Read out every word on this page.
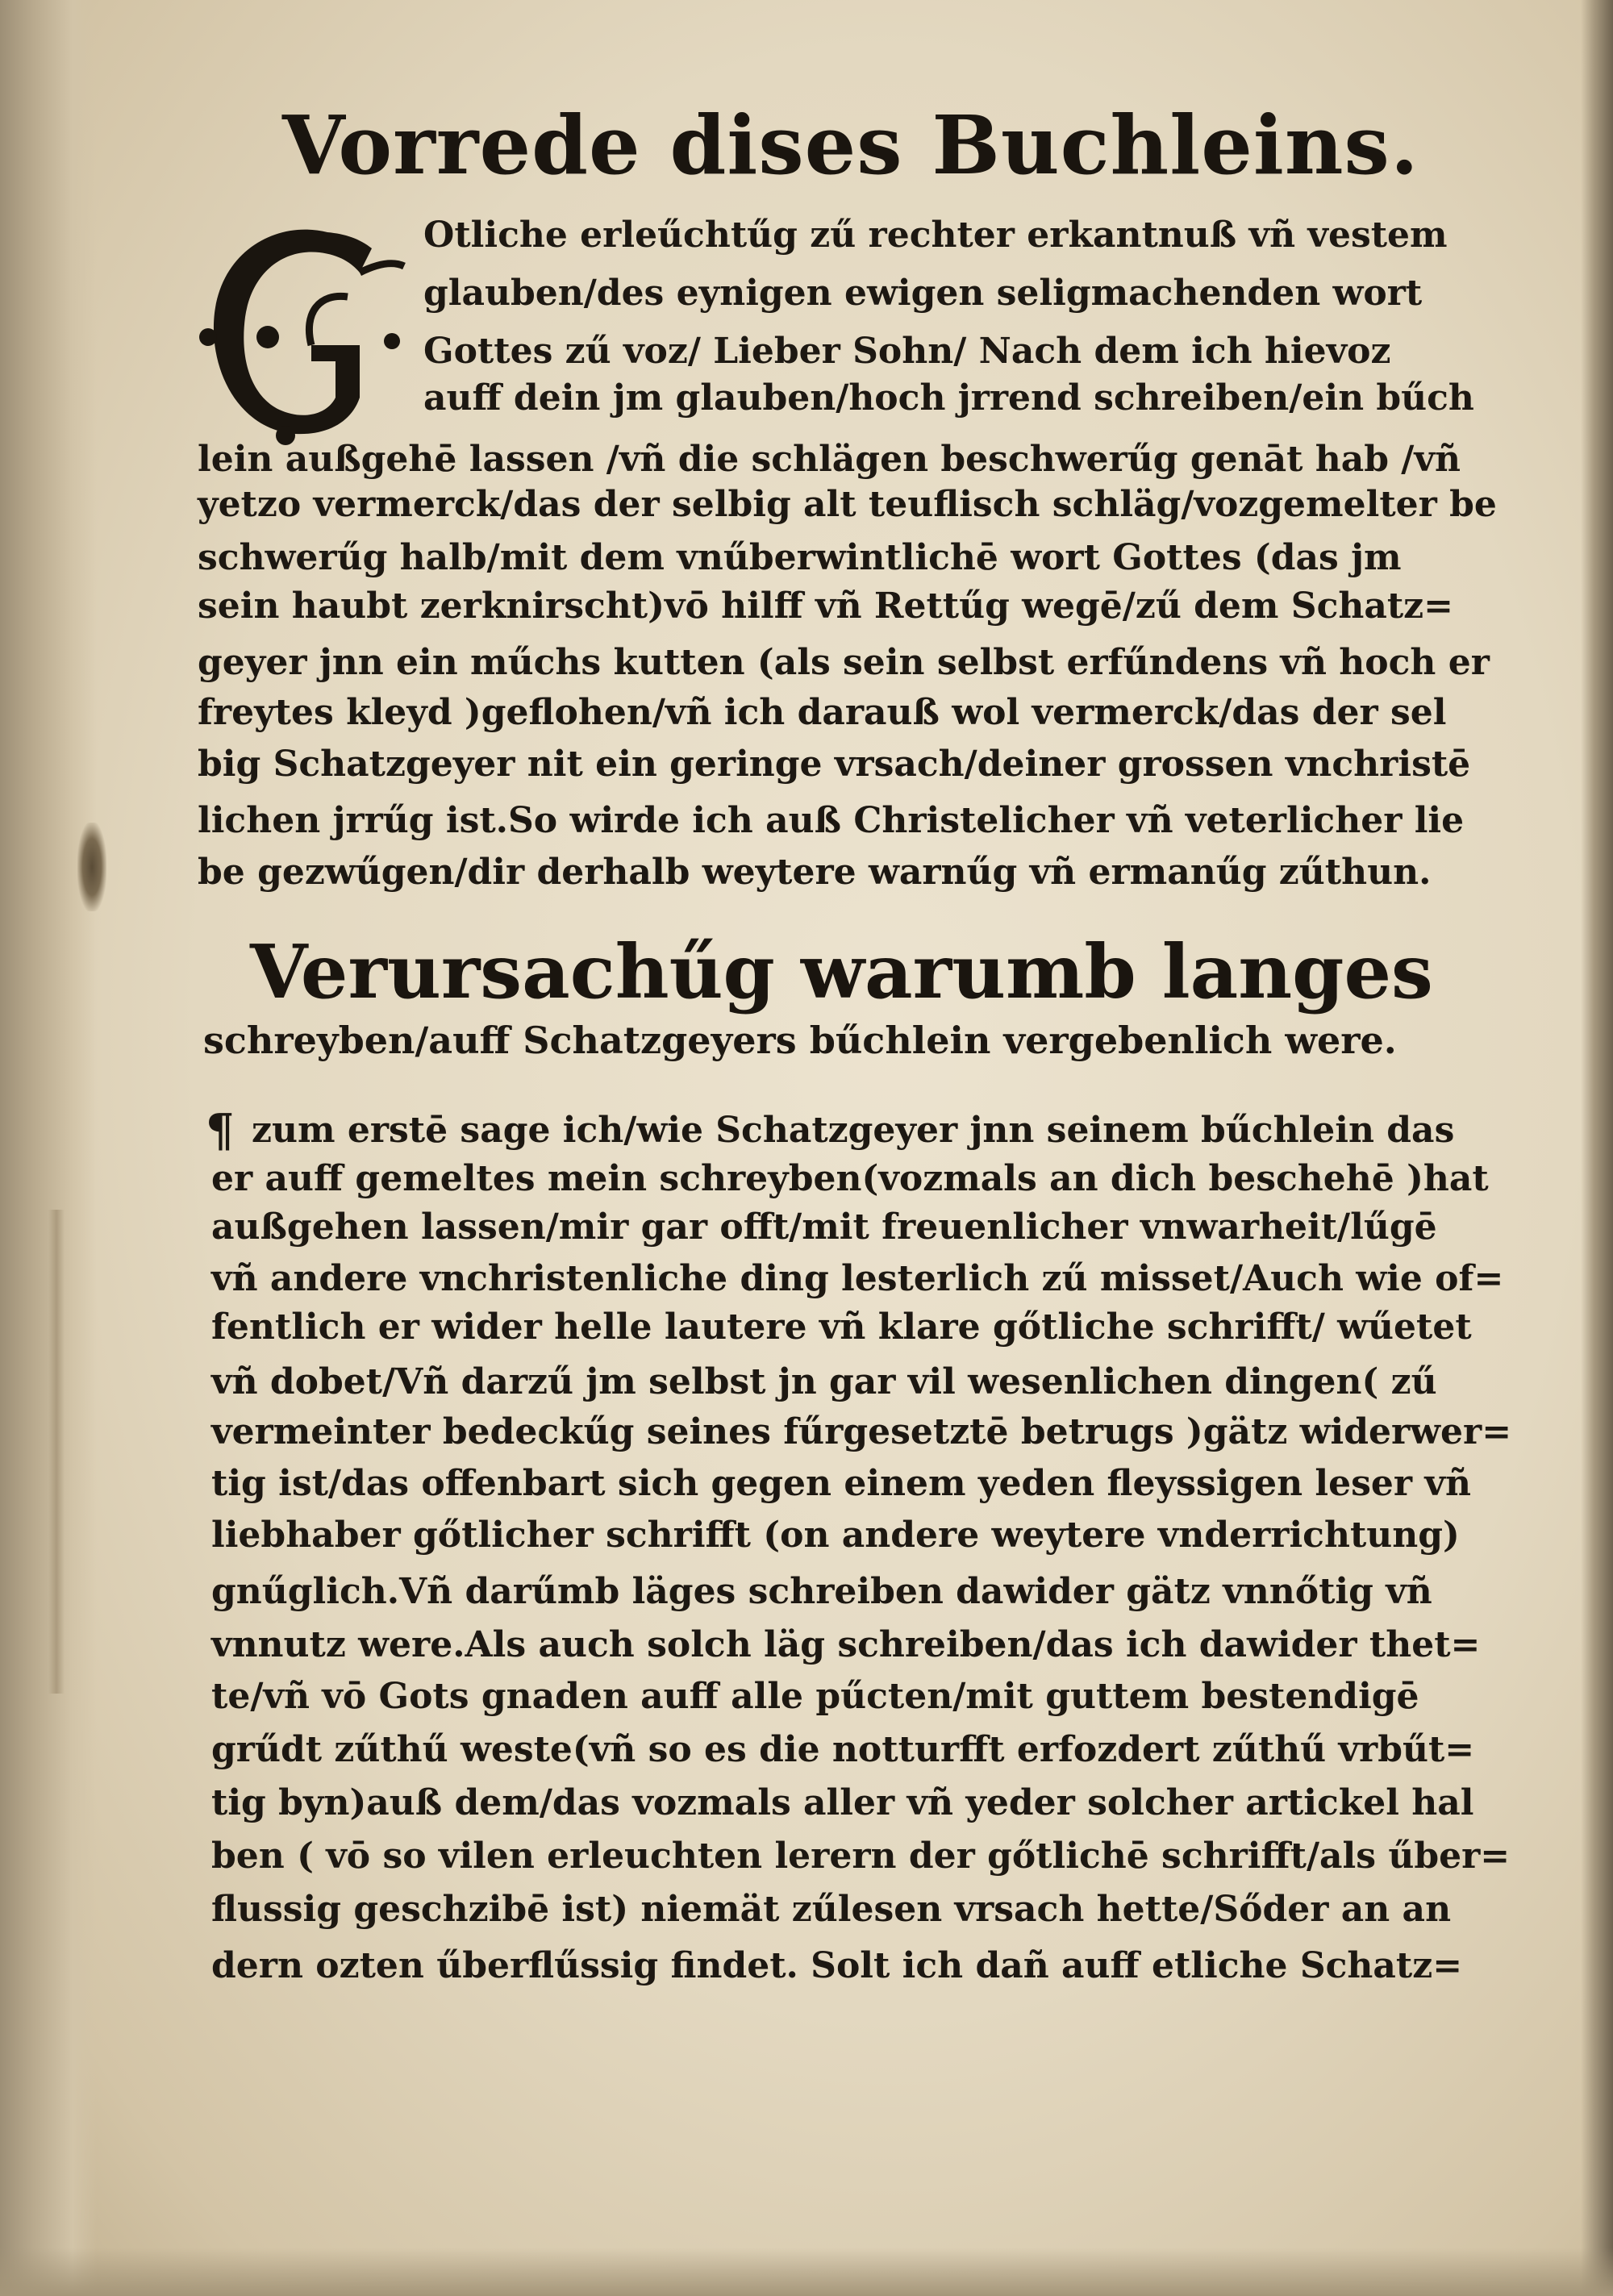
Vorrede dises Buchleins.
Otliche erleűchtűg zű rechter erkantnuß vñ vestem
glauben/des eynigen ewigen seligmachenden wort
Gottes zű voz/ Lieber Sohn/ Nach dem ich hievoz
auff dein jm glauben/hoch jrrend schreiben/ein bűch
lein außgehē lassen /vñ die schlägen beschwerűg genāt hab /vñ
yetzo vermerck/das der selbig alt teuflisch schläg/vozgemelter be
schwerűg halb/mit dem vnűberwintlichē wort Gottes (das jm
sein haubt zerknirscht)vō hilff vñ Rettűg wegē/zű dem Schatz=
geyer jnn ein műchs kutten (als sein selbst erfűndens vñ hoch er
freytes kleyd )geflohen/vñ ich darauß wol vermerck/das der sel
big Schatzgeyer nit ein geringe vrsach/deiner grossen vnchristē
lichen jrrűg ist.So wirde ich auß Christelicher vñ veterlicher lie
be gezwűgen/dir derhalb weytere warnűg vñ ermanűg zűthun.
Verursachűg warumb langes
schreyben/auff Schatzgeyers bűchlein vergebenlich were.
¶ zum erstē sage ich/wie Schatzgeyer jnn seinem bűchlein das
er auff gemeltes mein schreyben(vozmals an dich beschehē )hat
außgehen lassen/mir gar offt/mit freuenlicher vnwarheit/lűgē
vñ andere vnchristenliche ding lesterlich zű misset/Auch wie of=
fentlich er wider helle lautere vñ klare gőtliche schrifft/ wűetet
vñ dobet/Vñ darzű jm selbst jn gar vil wesenlichen dingen( zű
vermeinter bedeckűg seines fűrgesetztē betrugs )gätz widerwer=
tig ist/das offenbart sich gegen einem yeden fleyssigen leser vñ
liebhaber gőtlicher schrifft (on andere weytere vnderrichtung)
gnűglich.Vñ darűmb läges schreiben dawider gätz vnnőtig vñ
vnnutz were.Als auch solch läg schreiben/das ich dawider thet=
te/vñ vō Gots gnaden auff alle pűcten/mit guttem bestendigē
grűdt zűthű weste(vñ so es die notturfft erfozdert zűthű vrbűt=
tig byn)auß dem/das vozmals aller vñ yeder solcher artickel hal
ben ( vō so vilen erleuchten lerern der gőtlichē schrifft/als űber=
flussig geschzibē ist) niemät zűlesen vrsach hette/Sőder an an
dern ozten űberflűssig findet. Solt ich dañ auff etliche Schatz=
